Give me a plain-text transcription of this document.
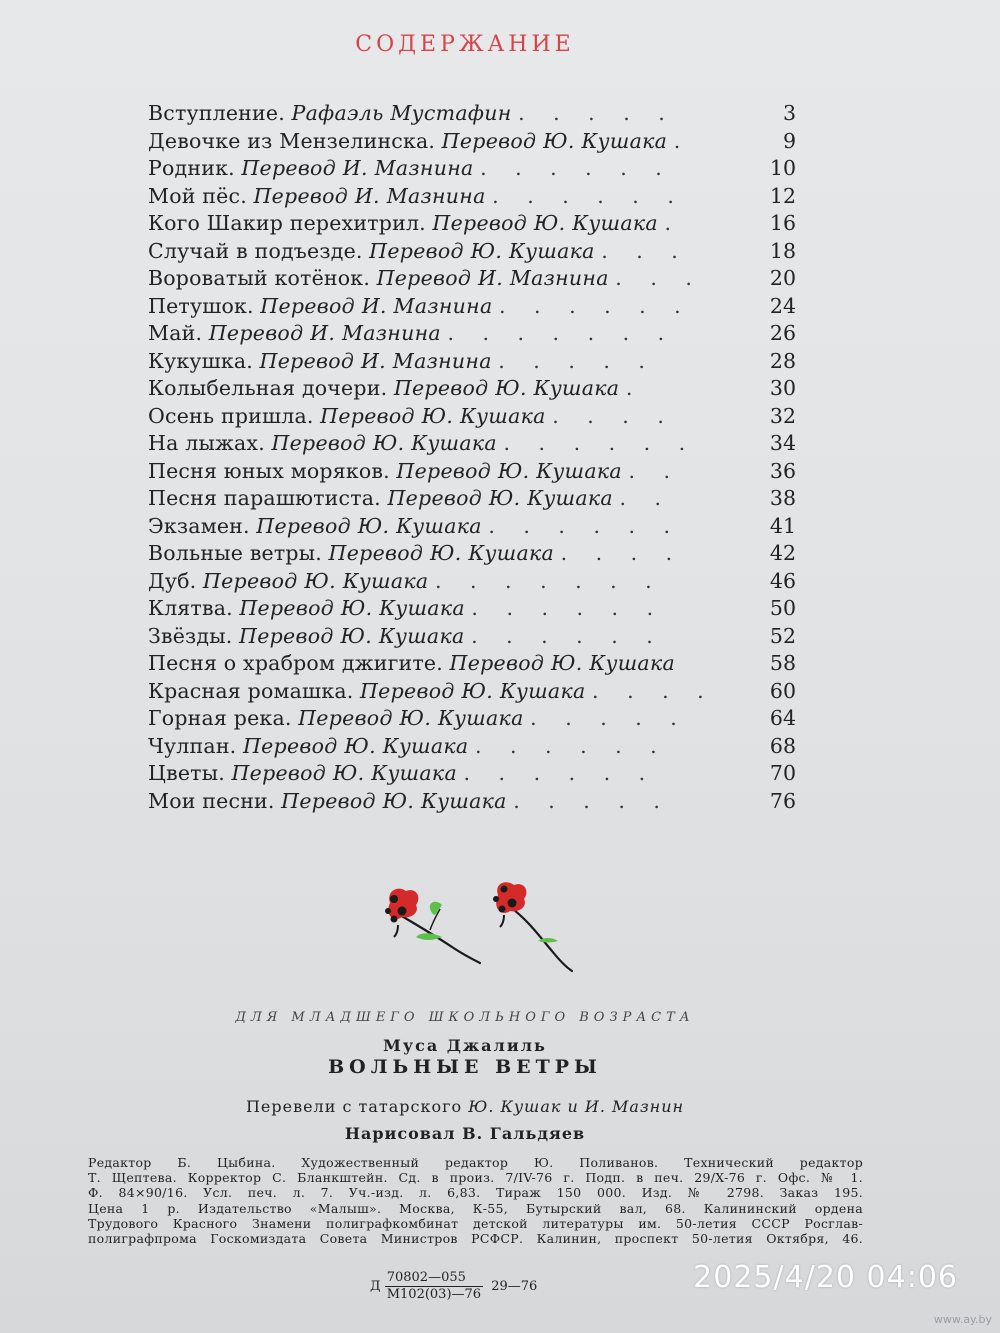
СОДЕРЖАНИЕ
Вступление. Рафаэль Мустафин . . . . .	3
Девочке из Мензелинска. Перевод Ю. Кушака .	9
Родник. Перевод И. Мазнина . . . . . .	10
Мой пёс. Перевод И. Мазнина . . . . . .	12
Кого Шакир перехитрил. Перевод Ю. Кушака .	16
Случай в подъезде. Перевод Ю. Кушака . . .	18
Вороватый котёнок. Перевод И. Мазнина . . .	20
Петушок. Перевод И. Мазнина . . . . . .	24
Май. Перевод И. Мазнина . . . . . . .	26
Кукушка. Перевод И. Мазнина . . . . .	28
Колыбельная дочери. Перевод Ю. Кушака .	30
Осень пришла. Перевод Ю. Кушака . . . .	32
На лыжах. Перевод Ю. Кушака . . . . . .	34
Песня юных моряков. Перевод Ю. Кушака . .	36
Песня парашютиста. Перевод Ю. Кушака . .	38
Экзамен. Перевод Ю. Кушака . . . . . .	41
Вольные ветры. Перевод Ю. Кушака . . . .	42
Дуб. Перевод Ю. Кушака . . . . . . .	46
Клятва. Перевод Ю. Кушака . . . . . .	50
Звёзды. Перевод Ю. Кушака . . . . . .	52
Песня о храбром джигите. Перевод Ю. Кушака	58
Красная ромашка. Перевод Ю. Кушака . . . .	60
Горная река. Перевод Ю. Кушака . . . . .	64
Чулпан. Перевод Ю. Кушака . . . . . .	68
Цветы. Перевод Ю. Кушака . . . . . .	70
Мои песни. Перевод Ю. Кушака . . . . .	76
ДЛЯ МЛАДШЕГО ШКОЛЬНОГО ВОЗРАСТА
Муса Джалиль
ВОЛЬНЫЕ ВЕТРЫ
Перевели с татарского Ю. Кушак и И. Мазнин
Нарисовал В. Гальдяев
Редактор Б. Цыбина. Художественный редактор Ю. Поливанов. Технический редактор
Т. Щептева. Корректор С. Бланкштейн. Сд. в произ. 7/IV-76 г. Подп. в печ. 29/X-76 г. Офс. № 1.
Ф. 84×90/16. Усл. печ. л. 7. Уч.-изд. л. 6,83. Тираж 150 000. Изд. № 2798. Заказ 195.
Цена 1 р. Издательство «Малыш». Москва, К-55, Бутырский вал, 68. Калининский ордена
Трудового Красного Знамени полиграфкомбинат детской литературы им. 50-летия СССР Росглав-
полиграфпрома Госкомиздата Совета Министров РСФСР. Калинин, проспект 50-летия Октября, 46.
Д $\frac{70802—055}{М102(03)—76}$ 29—76	2025/4/20 04:06
www.ay.by
